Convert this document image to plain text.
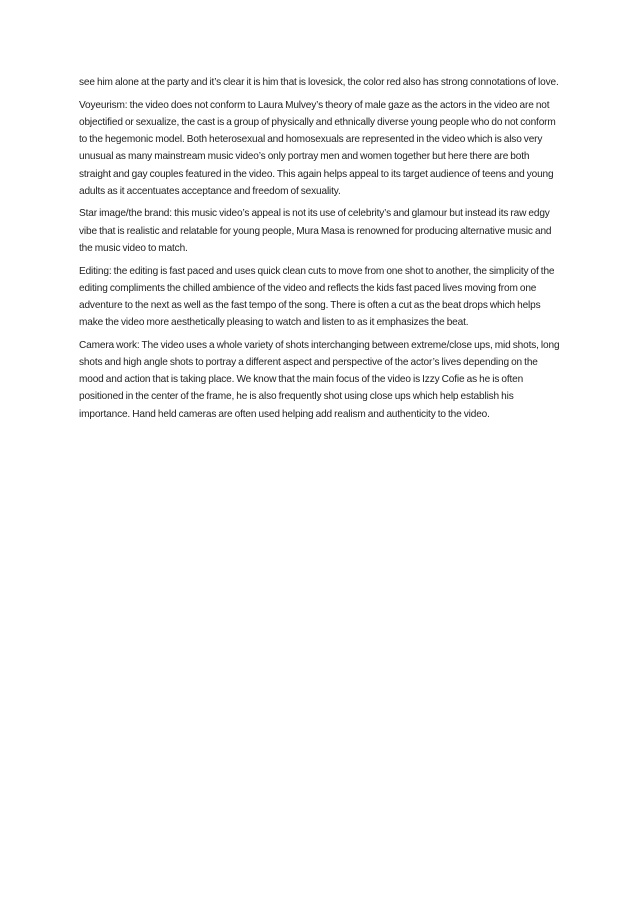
see him alone at the party and it’s clear it is him that is lovesick, the color red also has strong connotations of love.

Voyeurism: the video does not conform to Laura Mulvey’s theory of male gaze as the actors in the video are not objectified or sexualize, the cast is a group of physically and ethnically diverse young people who do not conform to the hegemonic model. Both heterosexual and homosexuals are represented in the video which is also very unusual as many mainstream music video’s only portray men and women together but here there are both straight and gay couples featured in the video. This again helps appeal to its target audience of teens and young adults as it accentuates acceptance and freedom of sexuality.

Star image/the brand: this music video’s appeal is not its use of celebrity’s and glamour but instead its raw edgy vibe that is realistic and relatable for young people, Mura Masa is renowned for producing alternative music and the music video to match.

Editing: the editing is fast paced and uses quick clean cuts to move from one shot to another, the simplicity of the editing compliments the chilled ambience of the video and reflects the kids fast paced lives moving from one adventure to the next as well as the fast tempo of the song. There is often a cut as the beat drops which helps make the video more aesthetically pleasing to watch and listen to as it emphasizes the beat.

Camera work: The video uses a whole variety of shots interchanging between extreme/close ups, mid shots, long shots and high angle shots to portray a different aspect and perspective of the actor’s lives depending on the mood and action that is taking place. We know that the main focus of the video is Izzy Cofie as he is often positioned in the center of the frame, he is also frequently shot using close ups which help establish his importance. Hand held cameras are often used helping add realism and authenticity to the video.
